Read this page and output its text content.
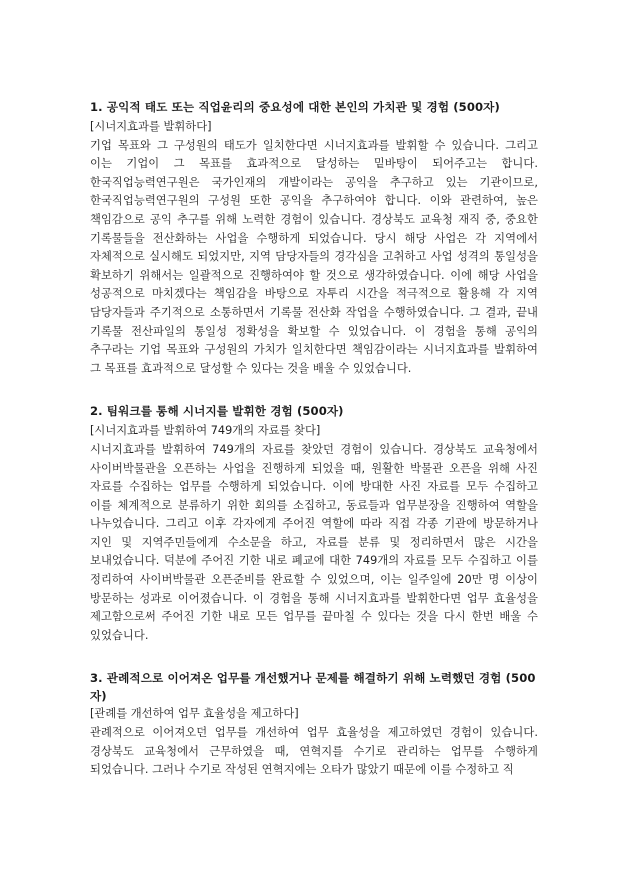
1. 공익적 태도 또는 직업윤리의 중요성에 대한 본인의 가치관 및 경험 (500자)
[시너지효과를 발휘하다]

기업 목표와 그 구성원의 태도가 일치한다면 시너지효과를 발휘할 수 있습니다. 그리고 이는 기업이 그 목표를 효과적으로 달성하는 밑바탕이 되어주고는 합니다. 한국직업능력연구원은 국가인재의 개발이라는 공익을 추구하고 있는 기관이므로, 한국직업능력연구원의 구성원 또한 공익을 추구하여야 합니다. 이와 관련하여, 높은 책임감으로 공익 추구를 위해 노력한 경험이 있습니다. 경상북도 교육청 재직 중, 중요한 기록물들을 전산화하는 사업을 수행하게 되었습니다. 당시 해당 사업은 각 지역에서 자체적으로 실시해도 되었지만, 지역 담당자들의 경각심을 고취하고 사업 성격의 통일성을 확보하기 위해서는 일괄적으로 진행하여야 할 것으로 생각하였습니다. 이에 해당 사업을 성공적으로 마치겠다는 책임감을 바탕으로 자투리 시간을 적극적으로 활용해 각 지역 담당자들과 주기적으로 소통하면서 기록물 전산화 작업을 수행하였습니다. 그 결과, 끝내 기록물 전산파일의 통일성 정확성을 확보할 수 있었습니다. 이 경험을 통해 공익의 추구라는 기업 목표와 구성원의 가치가 일치한다면 책임감이라는 시너지효과를 발휘하여 그 목표를 효과적으로 달성할 수 있다는 것을 배울 수 있었습니다.

2. 팀워크를 통해 시너지를 발휘한 경험 (500자)
[시너지효과를 발휘하여 749개의 자료를 찾다]

시너지효과를 발휘하여 749개의 자료를 찾았던 경험이 있습니다. 경상북도 교육청에서 사이버박물관을 오픈하는 사업을 진행하게 되었을 때, 원활한 박물관 오픈을 위해 사진 자료를 수집하는 업무를 수행하게 되었습니다. 이에 방대한 사진 자료를 모두 수집하고 이를 체계적으로 분류하기 위한 회의를 소집하고, 동료들과 업무분장을 진행하여 역할을 나누었습니다. 그리고 이후 각자에게 주어진 역할에 따라 직접 각종 기관에 방문하거나 지인 및 지역주민들에게 수소문을 하고, 자료를 분류 및 정리하면서 많은 시간을 보내었습니다. 덕분에 주어진 기한 내로 폐교에 대한 749개의 자료를 모두 수집하고 이를 정리하여 사이버박물관 오픈준비를 완료할 수 있었으며, 이는 일주일에 20만 명 이상이 방문하는 성과로 이어졌습니다. 이 경험을 통해 시너지효과를 발휘한다면 업무 효율성을 제고함으로써 주어진 기한 내로 모든 업무를 끝마칠 수 있다는 것을 다시 한번 배울 수 있었습니다.

3. 관례적으로 이어져온 업무를 개선했거나 문제를 해결하기 위해 노력했던 경험 (500자)
[관례를 개선하여 업무 효율성을 제고하다]

관례적으로 이어져오던 업무를 개선하여 업무 효율성을 제고하였던 경험이 있습니다. 경상북도 교육청에서 근무하였을 때, 연혁지를 수기로 관리하는 업무를 수행하게 되었습니다. 그러나 수기로 작성된 연혁지에는 오타가 많았기 때문에 이를 수정하고 직
